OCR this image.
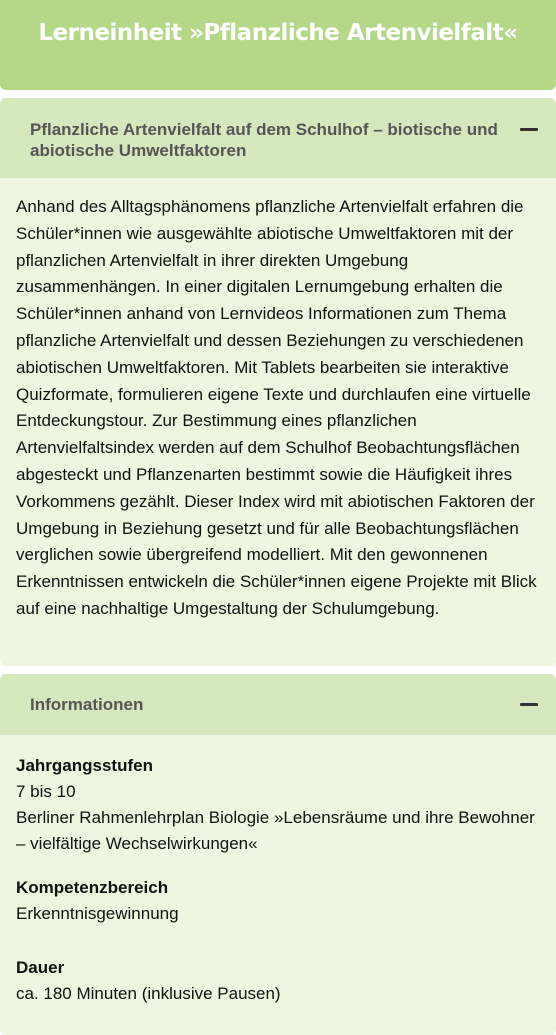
Lerneinheit »Pflanzliche Artenvielfalt«
Pflanzliche Artenvielfalt auf dem Schulhof – biotische und abiotische Umweltfaktoren

Anhand des Alltagsphänomens pflanzliche Artenvielfalt erfahren die Schüler*innen wie ausgewählte abiotische Umweltfaktoren mit der pflanzlichen Artenvielfalt in ihrer direkten Umgebung zusammenhängen. In einer digitalen Lernumgebung erhalten die Schüler*innen anhand von Lernvideos Informationen zum Thema pflanzliche Artenvielfalt und dessen Beziehungen zu verschiedenen abiotischen Umweltfaktoren. Mit Tablets bearbeiten sie interaktive Quizformate, formulieren eigene Texte und durchlaufen eine virtuelle Entdeckungstour. Zur Bestimmung eines pflanzlichen Artenvielfaltsindex werden auf dem Schulhof Beobachtungsflächen abgesteckt und Pflanzenarten bestimmt sowie die Häufigkeit ihres Vorkommens gezählt. Dieser Index wird mit abiotischen Faktoren der Umgebung in Beziehung gesetzt und für alle Beobachtungsflächen verglichen sowie übergreifend modelliert. Mit den gewonnenen Erkenntnissen entwickeln die Schüler*innen eigene Projekte mit Blick auf eine nachhaltige Umgestaltung der Schulumgebung.

Informationen
Jahrgangsstufen
7 bis 10
Berliner Rahmenlehrplan Biologie »Lebensräume und ihre Bewohner – vielfältige Wechselwirkungen«
Kompetenzbereich
Erkenntnisgewinnung
Dauer
ca. 180 Minuten (inklusive Pausen)
